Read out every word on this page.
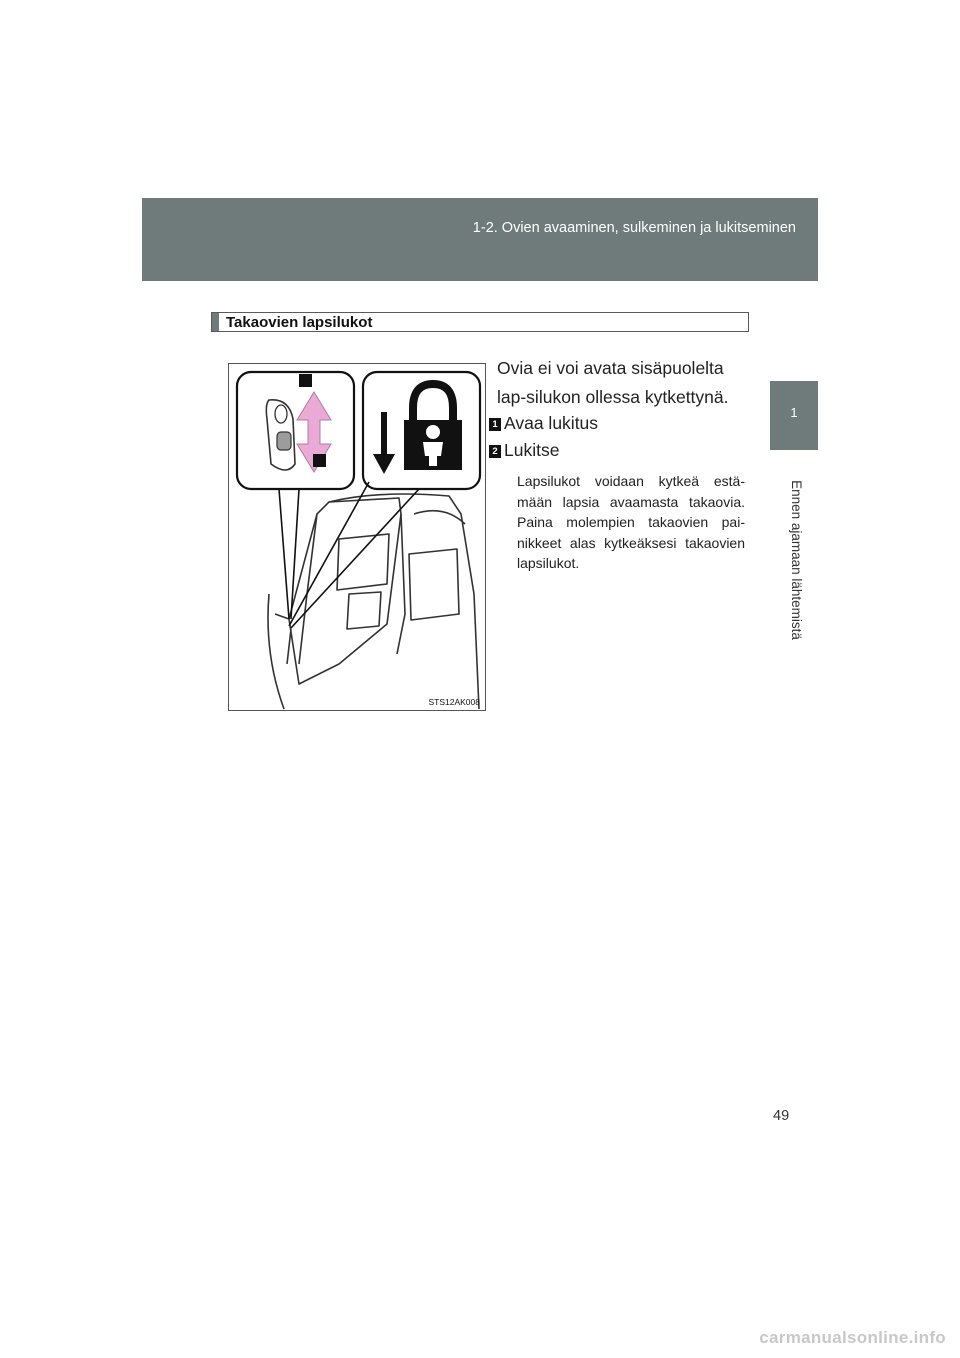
1-2. Ovien avaaminen, sulkeminen ja lukitseminen
1
Ennen ajamaan lähtemistä
Takaovien lapsilukot
STS12AK008
Ovia ei voi avata sisäpuolelta lap-silukon ollessa kytkettynä.
1 Avaa lukitus
2 Lukitse
Lapsilukot voidaan kytkeä estä-mään lapsia avaamasta takaovia. Paina molempien takaovien pai-nikkeet alas kytkeäksesi takaovien lapsilukot.
49
carmanualsonline.info
